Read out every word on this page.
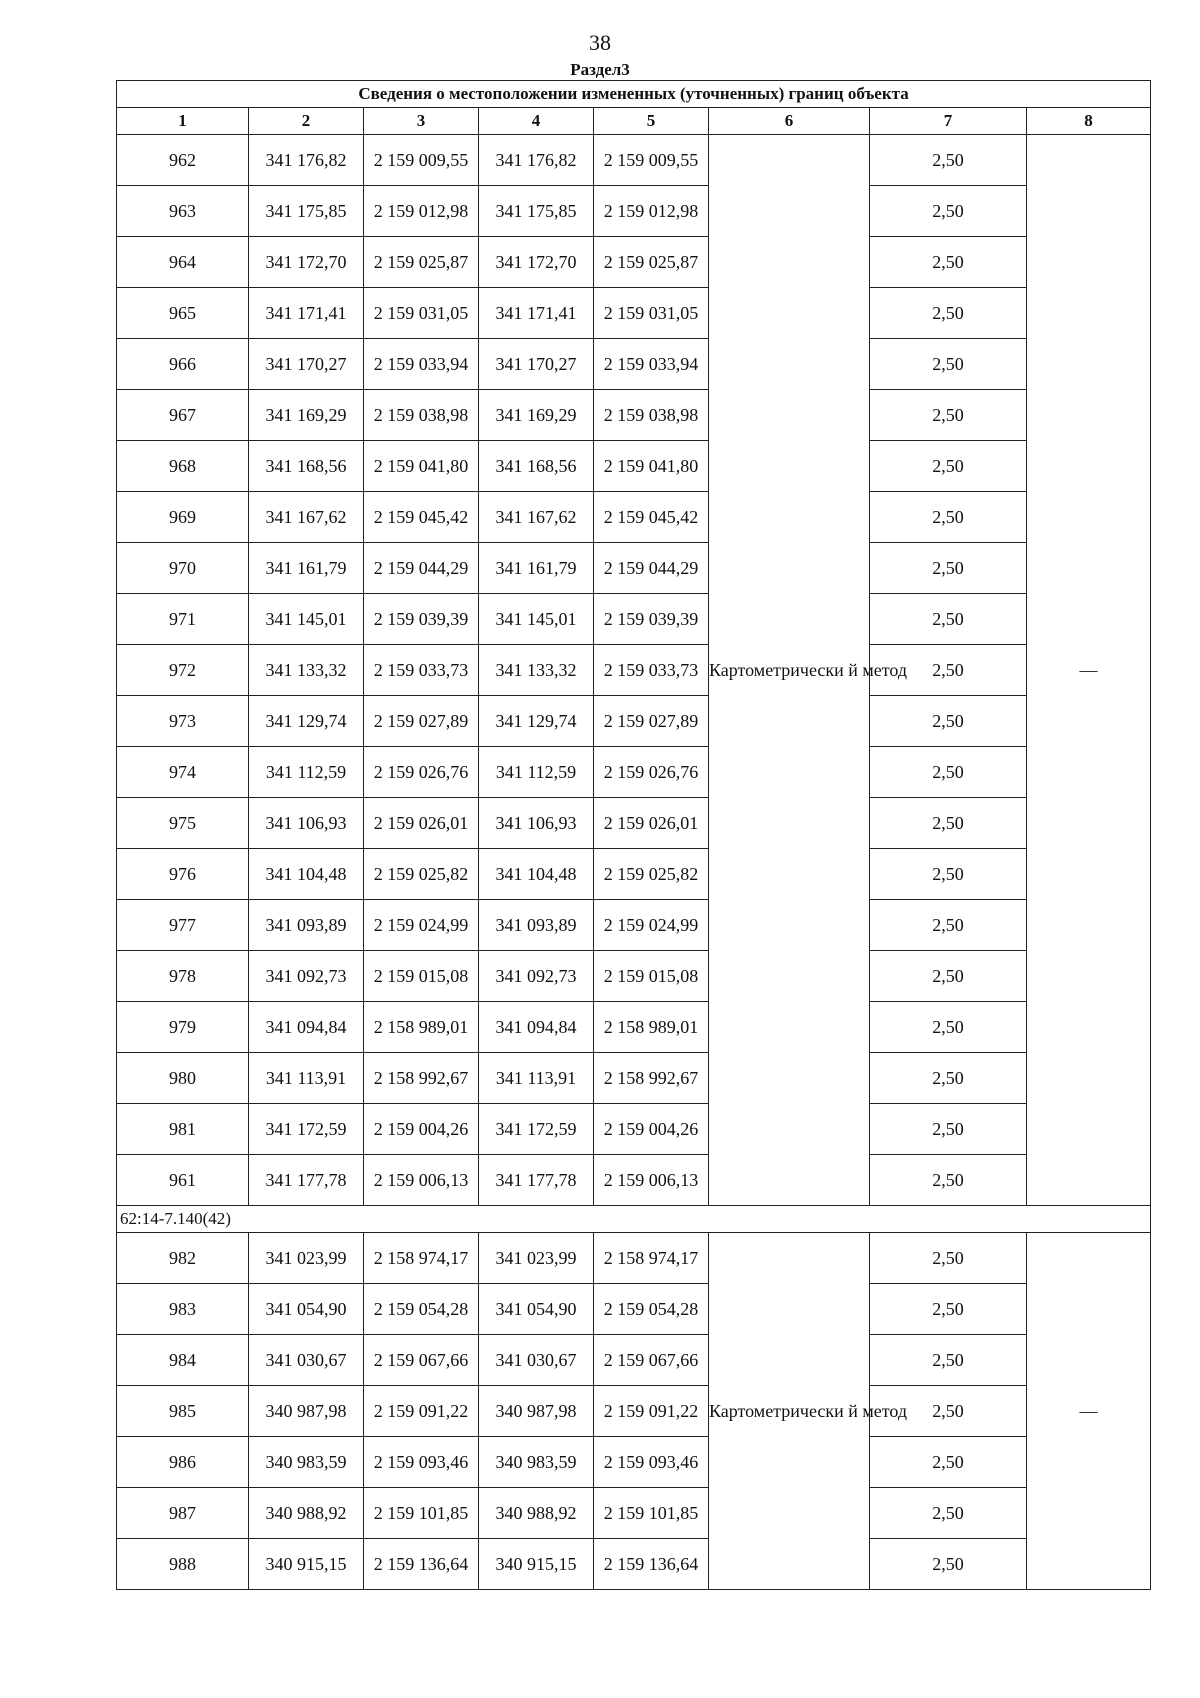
38
Раздел3
Сведения о местоположении измененных (уточненных) границ объекта							
1	2	3	4	5	6	7	8
962	341 176,82	2 159 009,55	341 176,82	2 159 009,55	Картометрически й метод	2,50	—
963	341 175,85	2 159 012,98	341 175,85	2 159 012,98		2,50	
964	341 172,70	2 159 025,87	341 172,70	2 159 025,87		2,50	
965	341 171,41	2 159 031,05	341 171,41	2 159 031,05		2,50	
966	341 170,27	2 159 033,94	341 170,27	2 159 033,94		2,50	
967	341 169,29	2 159 038,98	341 169,29	2 159 038,98		2,50	
968	341 168,56	2 159 041,80	341 168,56	2 159 041,80		2,50	
969	341 167,62	2 159 045,42	341 167,62	2 159 045,42		2,50	
970	341 161,79	2 159 044,29	341 161,79	2 159 044,29		2,50	
971	341 145,01	2 159 039,39	341 145,01	2 159 039,39		2,50	
972	341 133,32	2 159 033,73	341 133,32	2 159 033,73		2,50	
973	341 129,74	2 159 027,89	341 129,74	2 159 027,89		2,50	
974	341 112,59	2 159 026,76	341 112,59	2 159 026,76		2,50	
975	341 106,93	2 159 026,01	341 106,93	2 159 026,01		2,50	
976	341 104,48	2 159 025,82	341 104,48	2 159 025,82		2,50	
977	341 093,89	2 159 024,99	341 093,89	2 159 024,99		2,50	
978	341 092,73	2 159 015,08	341 092,73	2 159 015,08		2,50	
979	341 094,84	2 158 989,01	341 094,84	2 158 989,01		2,50	
980	341 113,91	2 158 992,67	341 113,91	2 158 992,67		2,50	
981	341 172,59	2 159 004,26	341 172,59	2 159 004,26		2,50	
961	341 177,78	2 159 006,13	341 177,78	2 159 006,13		2,50	
62:14-7.140(42)							
982	341 023,99	2 158 974,17	341 023,99	2 158 974,17	Картометрически й метод	2,50	—
983	341 054,90	2 159 054,28	341 054,90	2 159 054,28		2,50	
984	341 030,67	2 159 067,66	341 030,67	2 159 067,66		2,50	
985	340 987,98	2 159 091,22	340 987,98	2 159 091,22		2,50	
986	340 983,59	2 159 093,46	340 983,59	2 159 093,46		2,50	
987	340 988,92	2 159 101,85	340 988,92	2 159 101,85		2,50	
988	340 915,15	2 159 136,64	340 915,15	2 159 136,64		2,50	
